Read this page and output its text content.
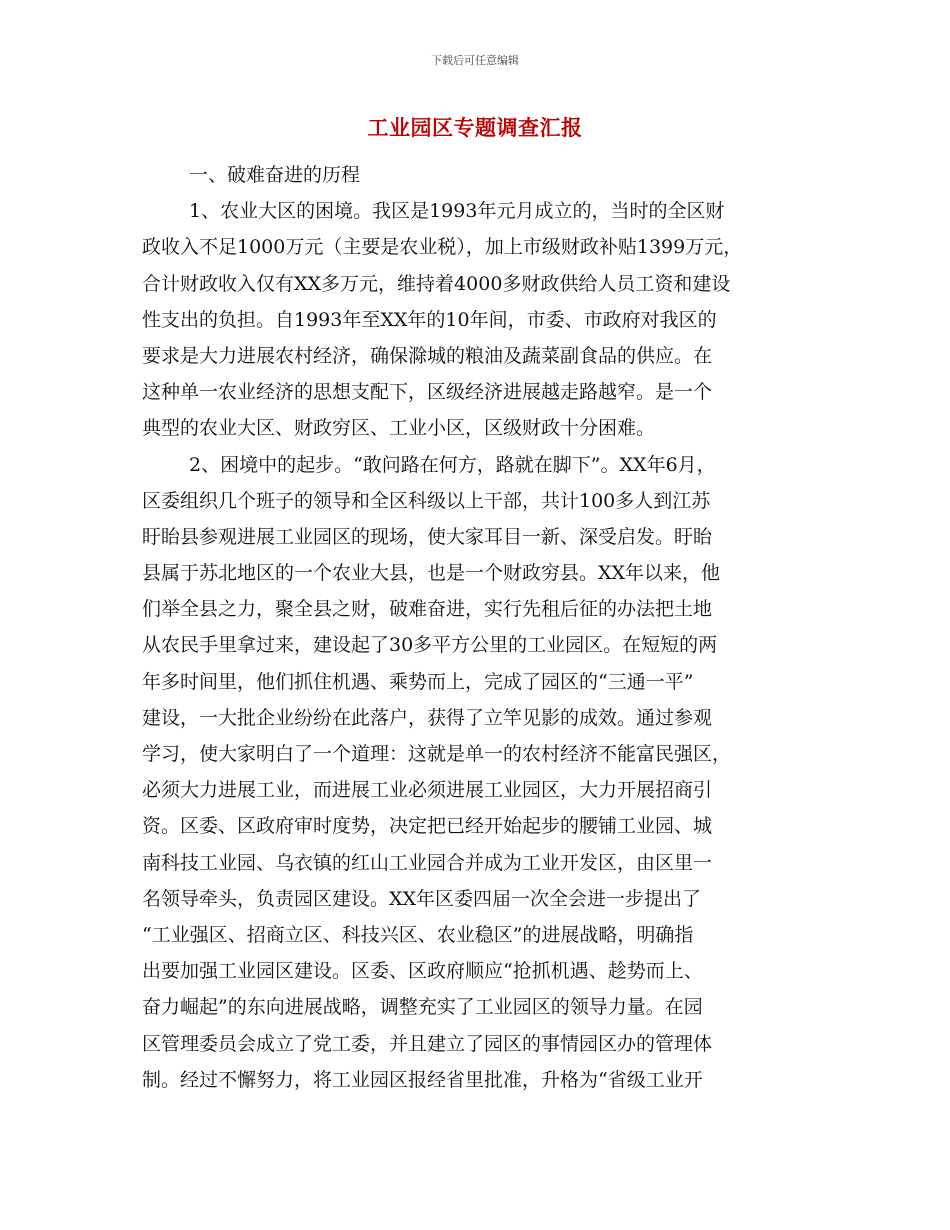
下载后可任意编辑
工业园区专题调查汇报
一、破难奋进的历程
1、农业大区的困境。我区是1993年元月成立的，当时的全区财
政收入不足1000万元（主要是农业税），加上市级财政补贴1399万元，
合计财政收入仅有XX多万元，维持着4000多财政供给人员工资和建设
性支出的负担。自1993年至XX年的10年间，市委、市政府对我区的
要求是大力进展农村经济，确保滁城的粮油及蔬菜副食品的供应。在
这种单一农业经济的思想支配下，区级经济进展越走路越窄。是一个
典型的农业大区、财政穷区、工业小区，区级财政十分困难。
2、困境中的起步。“敢问路在何方，路就在脚下”。XX年6月，
区委组织几个班子的领导和全区科级以上干部，共计100多人到江苏
盱眙县参观进展工业园区的现场，使大家耳目一新、深受启发。盱眙
县属于苏北地区的一个农业大县，也是一个财政穷县。XX年以来，他
们举全县之力，聚全县之财，破难奋进，实行先租后征的办法把土地
从农民手里拿过来，建设起了30多平方公里的工业园区。在短短的两
年多时间里，他们抓住机遇、乘势而上，完成了园区的“三通一平”
建设，一大批企业纷纷在此落户，获得了立竿见影的成效。通过参观
学习，使大家明白了一个道理：这就是单一的农村经济不能富民强区，
必须大力进展工业，而进展工业必须进展工业园区，大力开展招商引
资。区委、区政府审时度势，决定把已经开始起步的腰铺工业园、城
南科技工业园、乌衣镇的红山工业园合并成为工业开发区，由区里一
名领导牵头，负责园区建设。XX年区委四届一次全会进一步提出了
“工业强区、招商立区、科技兴区、农业稳区”的进展战略，明确指
出要加强工业园区建设。区委、区政府顺应“抢抓机遇、趁势而上、
奋力崛起”的东向进展战略，调整充实了工业园区的领导力量。在园
区管理委员会成立了党工委，并且建立了园区的事情园区办的管理体
制。经过不懈努力，将工业园区报经省里批准，升格为“省级工业开
